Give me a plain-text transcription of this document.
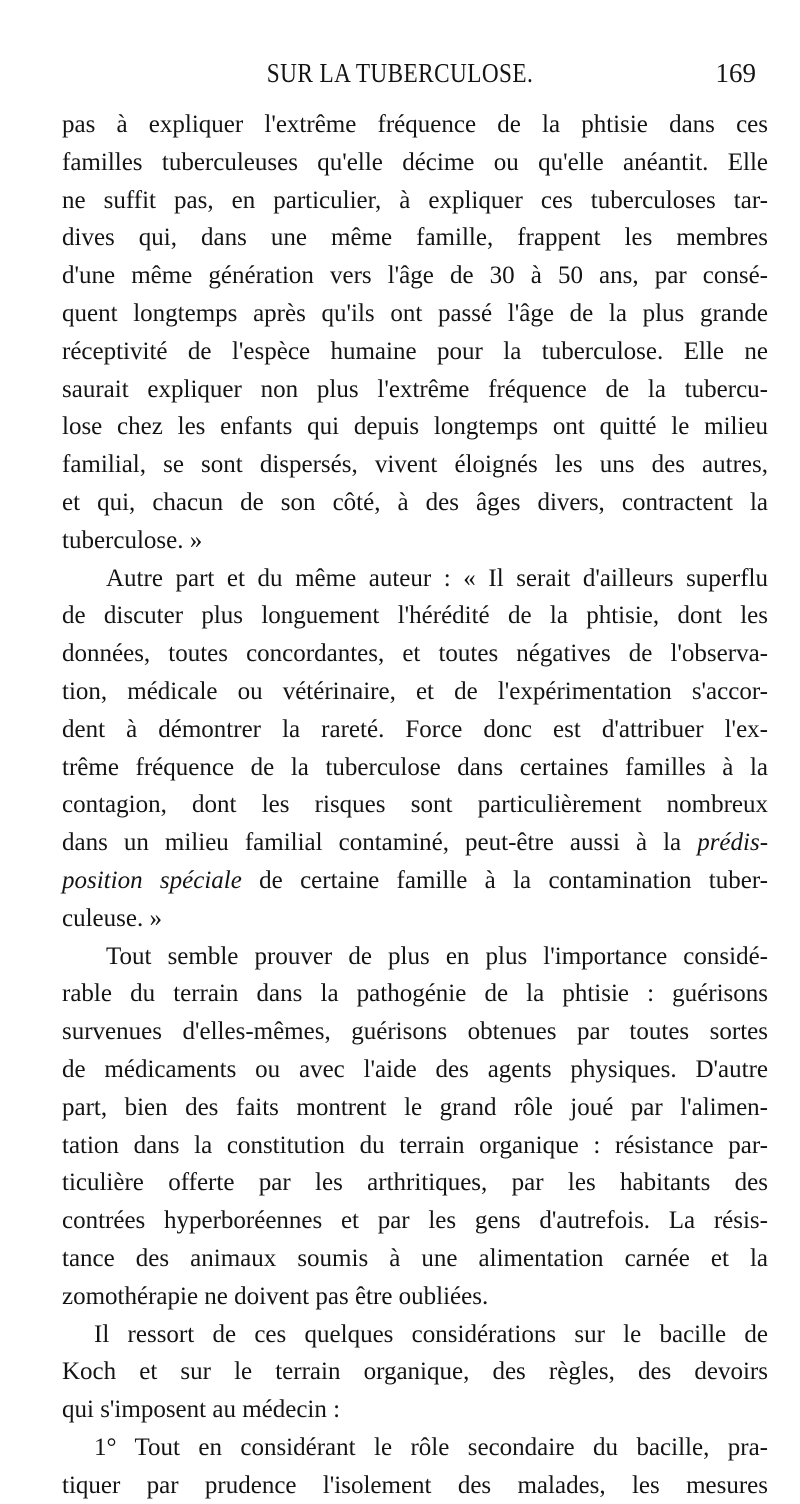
SUR LA TUBERCULOSE.	169
pas à expliquer l'extrême fréquence de la phtisie dans ces
familles tuberculeuses qu'elle décime ou qu'elle anéantit. Elle
ne suffit pas, en particulier, à expliquer ces tuberculoses tar-
dives qui, dans une même famille, frappent les membres
d'une même génération vers l'âge de 30 à 50 ans, par consé-
quent longtemps après qu'ils ont passé l'âge de la plus grande
réceptivité de l'espèce humaine pour la tuberculose. Elle ne
saurait expliquer non plus l'extrême fréquence de la tubercu-
lose chez les enfants qui depuis longtemps ont quitté le milieu
familial, se sont dispersés, vivent éloignés les uns des autres,
et qui, chacun de son côté, à des âges divers, contractent la
tuberculose. »
Autre part et du même auteur : « Il serait d'ailleurs superflu
de discuter plus longuement l'hérédité de la phtisie, dont les
données, toutes concordantes, et toutes négatives de l'observa-
tion, médicale ou vétérinaire, et de l'expérimentation s'accor-
dent à démontrer la rareté. Force donc est d'attribuer l'ex-
trême fréquence de la tuberculose dans certaines familles à la
contagion, dont les risques sont particulièrement nombreux
dans un milieu familial contaminé, peut-être aussi à la prédis-
position spéciale de certaine famille à la contamination tuber-
culeuse. »
Tout semble prouver de plus en plus l'importance considé-
rable du terrain dans la pathogénie de la phtisie : guérisons
survenues d'elles-mêmes, guérisons obtenues par toutes sortes
de médicaments ou avec l'aide des agents physiques. D'autre
part, bien des faits montrent le grand rôle joué par l'alimen-
tation dans la constitution du terrain organique : résistance par-
ticulière offerte par les arthritiques, par les habitants des
contrées hyperboréennes et par les gens d'autrefois. La résis-
tance des animaux soumis à une alimentation carnée et la
zomothérapie ne doivent pas être oubliées.
Il ressort de ces quelques considérations sur le bacille de
Koch et sur le terrain organique, des règles, des devoirs
qui s'imposent au médecin :
1° Tout en considérant le rôle secondaire du bacille, pra-
tiquer par prudence l'isolement des malades, les mesures
